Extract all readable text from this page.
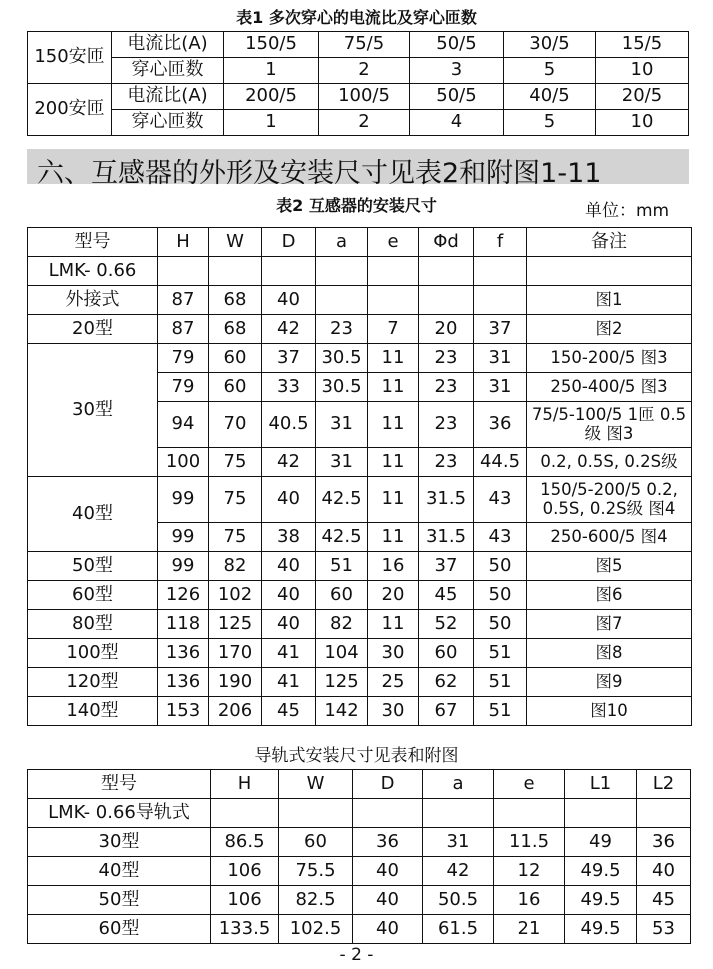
表1 多次穿心的电流比及穿心匝数
150安匝	电流比(A)	150/5	75/5	50/5	30/5	15/5
	穿心匝数	1	2	3	5	10
200安匝	电流比(A)	200/5	100/5	50/5	40/5	20/5
	穿心匝数	1	2	4	5	10
六、互感器的外形及安装尺寸见表2和附图1-11
表2 互感器的安装尺寸	单位：mm
型号	H	W	D	a	e	Φd	f	备注
LMK- 0.66								
外接式	87	68	40					图1
20型	87	68	42	23	7	20	37	图2
30型	79	60	37	30.5	11	23	31	150-200/5 图3
	79	60	33	30.5	11	23	31	250-400/5 图3
	94	70	40.5	31	11	23	36	75/5-100/5 1匝 0.5级 图3
	100	75	42	31	11	23	44.5	0.2, 0.5S, 0.2S级
40型	99	75	40	42.5	11	31.5	43	150/5-200/5 0.2, 0.5S, 0.2S级 图4
	99	75	38	42.5	11	31.5	43	250-600/5 图4
50型	99	82	40	51	16	37	50	图5
60型	126	102	40	60	20	45	50	图6
80型	118	125	40	82	11	52	50	图7
100型	136	170	41	104	30	60	51	图8
120型	136	190	41	125	25	62	51	图9
140型	153	206	45	142	30	67	51	图10
导轨式安装尺寸见表和附图
型号	H	W	D	a	e	L1	L2
LMK- 0.66导轨式							
30型	86.5	60	36	31	11.5	49	36
40型	106	75.5	40	42	12	49.5	40
50型	106	82.5	40	50.5	16	49.5	45
60型	133.5	102.5	40	61.5	21	49.5	53
- 2 -
